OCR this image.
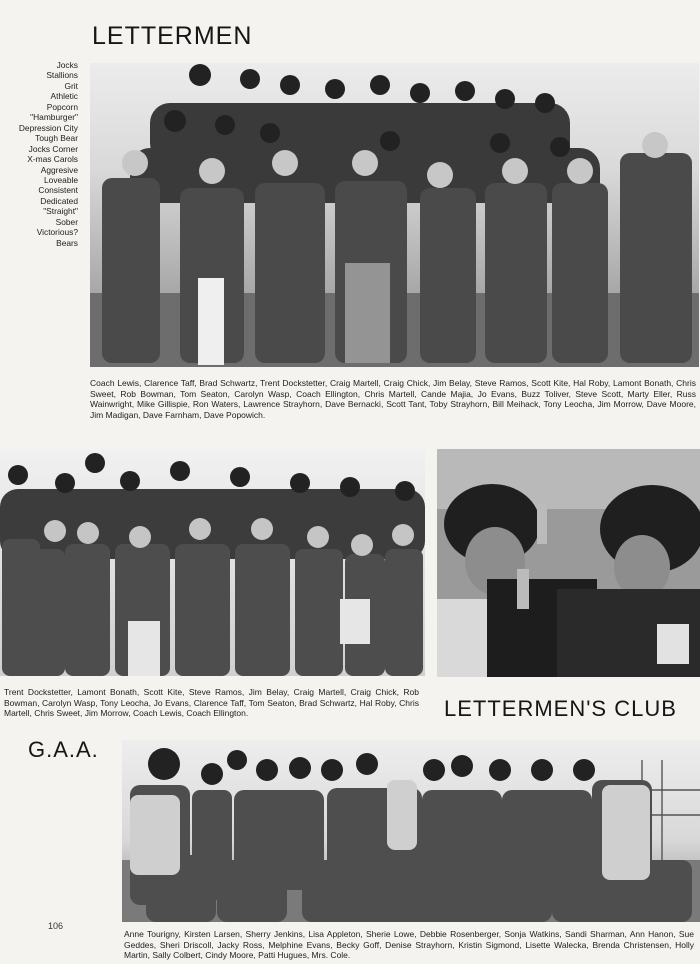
LETTERMEN
Jocks
Stallions
Grit
Athletic
Popcorn
"Hamburger"
Depression City
Tough Bear
Jocks Corner
X-mas Carols
Aggresive
Loveable
Consistent
Dedicated
"Straight"
Sober
Victorious?
Bears
Coach Lewis, Clarence Taff, Brad Schwartz, Trent Dockstetter, Craig Martell, Craig Chick, Jim Belay, Steve Ramos, Scott Kite, Hal Roby, Lamont Bonath, Chris Sweet, Rob Bowman, Tom Seaton, Carolyn Wasp, Coach Ellington, Chris Martell, Cande Majia, Jo Evans, Buzz Toliver, Steve Scott, Marty Eller, Russ Wainwright, Mike Gillispie, Ron Waters, Lawrence Strayhorn, Dave Bernacki, Scott Tant, Toby Strayhorn, Bill Meihack, Tony Leocha, Jim Morrow, Dave Moore, Jim Madigan, Dave Farnham, Dave Popowich.
LETTERMEN'S CLUB
Trent Dockstetter, Lamont Bonath, Scott Kite, Steve Ramos, Jim Belay, Craig Martell, Craig Chick, Rob Bowman, Carolyn Wasp, Tony Leocha, Jo Evans, Clarence Taff, Tom Seaton, Brad Schwartz, Hal Roby, Chris Martell, Chris Sweet, Jim Morrow, Coach Lewis, Coach Ellington.
G.A.A.
Anne Tourigny, Kirsten Larsen, Sherry Jenkins, Lisa Appleton, Sherie Lowe, Debbie Rosenberger, Sonja Watkins, Sandi Sharman, Ann Hanon, Sue Geddes, Sheri Driscoll, Jacky Ross, Melphine Evans, Becky Goff, Denise Strayhorn, Kristin Sigmond, Lisette Walecka, Brenda Christensen, Holly Martin, Sally Colbert, Cindy Moore, Patti Hugues, Mrs. Cole.
106
